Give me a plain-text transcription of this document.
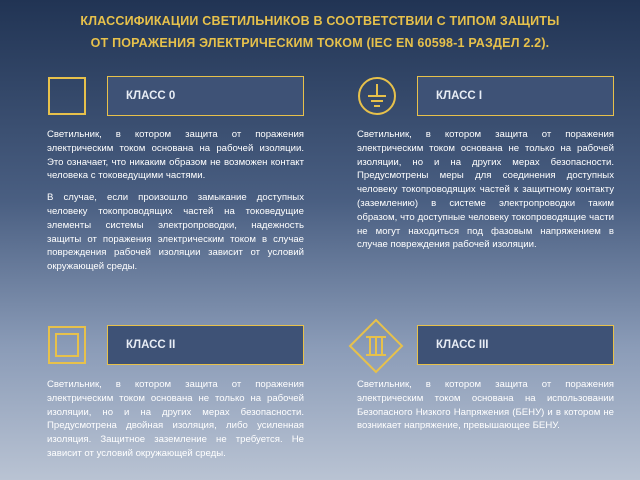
КЛАССИФИКАЦИИ СВЕТИЛЬНИКОВ В СООТВЕТСТВИИ С ТИПОМ ЗАЩИТЫ
ОТ ПОРАЖЕНИЯ ЭЛЕКТРИЧЕСКИМ ТОКОМ (IEC EN 60598-1 РАЗДЕЛ 2.2).
КЛАСС 0

Светильник, в котором защита от поражения электрическим током основана на рабочей изоляции. Это означает, что никаким образом не возможен контакт человека с токоведущими частями.

В случае, если произошло замыкание доступных человеку токопроводящих частей на токоведущие элементы системы электропроводки, надежность защиты от поражения электрическим током в случае повреждения рабочей изоляции зависит от условий окружающей среды.

КЛАСС I

Светильник, в котором защита от поражения электрическим током основана не только на рабочей изоляции, но и на других мерах безопасности. Предусмотрены меры для соединения доступных человеку токопроводящих частей к защитному контакту (заземлению) в системе электропроводки таким образом, что доступные человеку токопроводящие части не могут находиться под фазовым напряжением в случае повреждения рабочей изоляции.

КЛАСС II

Светильник, в котором защита от поражения электрическим током основана не только на рабочей изоляции, но и на других мерах безопасности. Предусмотрена двойная изоляция, либо усиленная изоляция. Защитное заземление не требуется. Не зависит от условий окружающей среды.

КЛАСС III

Светильник, в котором защита от поражения электрическим током основана на использовании Безопасного Низкого Напряжения (БЕНУ) и в котором не возникает напряжение, превышающее БЕНУ.
